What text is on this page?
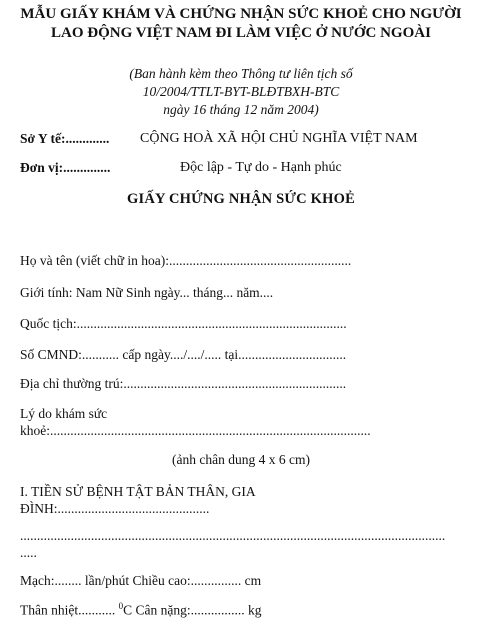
MẪU GIẤY KHÁM VÀ CHỨNG NHẬN SỨC KHOẺ CHO NGƯỜI
LAO ĐỘNG VIỆT NAM ĐI LÀM VIỆC Ở NƯỚC NGOÀI
(Ban hành kèm theo Thông tư liên tịch số
10/2004/TTLT-BYT-BLĐTBXH-BTC
ngày 16 tháng 12 năm 2004)
Sở Y tế:............. CỘNG HOÀ XÃ HỘI CHỦ NGHĨA VIỆT NAM
Đơn vị:..............	Độc lập - Tự do - Hạnh phúc
GIẤY CHỨNG NHẬN SỨC KHOẺ
Họ và tên (viết chữ in hoa):......................................................
Giới tính: Nam Nữ Sinh ngày... tháng... năm....
Quốc tịch:................................................................................
Số CMND:........... cấp ngày..../..../..... tại................................
Địa chỉ thường trú:..................................................................
Lý do khám sức
khoẻ:...............................................................................................
(ảnh chân dung 4 x 6 cm)
I. TIỀN SỬ BỆNH TẬT BẢN THÂN, GIA
ĐÌNH:.............................................
..............................................................................................................................
.....
Mạch:........ lần/phút Chiều cao:............... cm
Thân nhiệt........... $^0$C Cân nặng:................ kg
